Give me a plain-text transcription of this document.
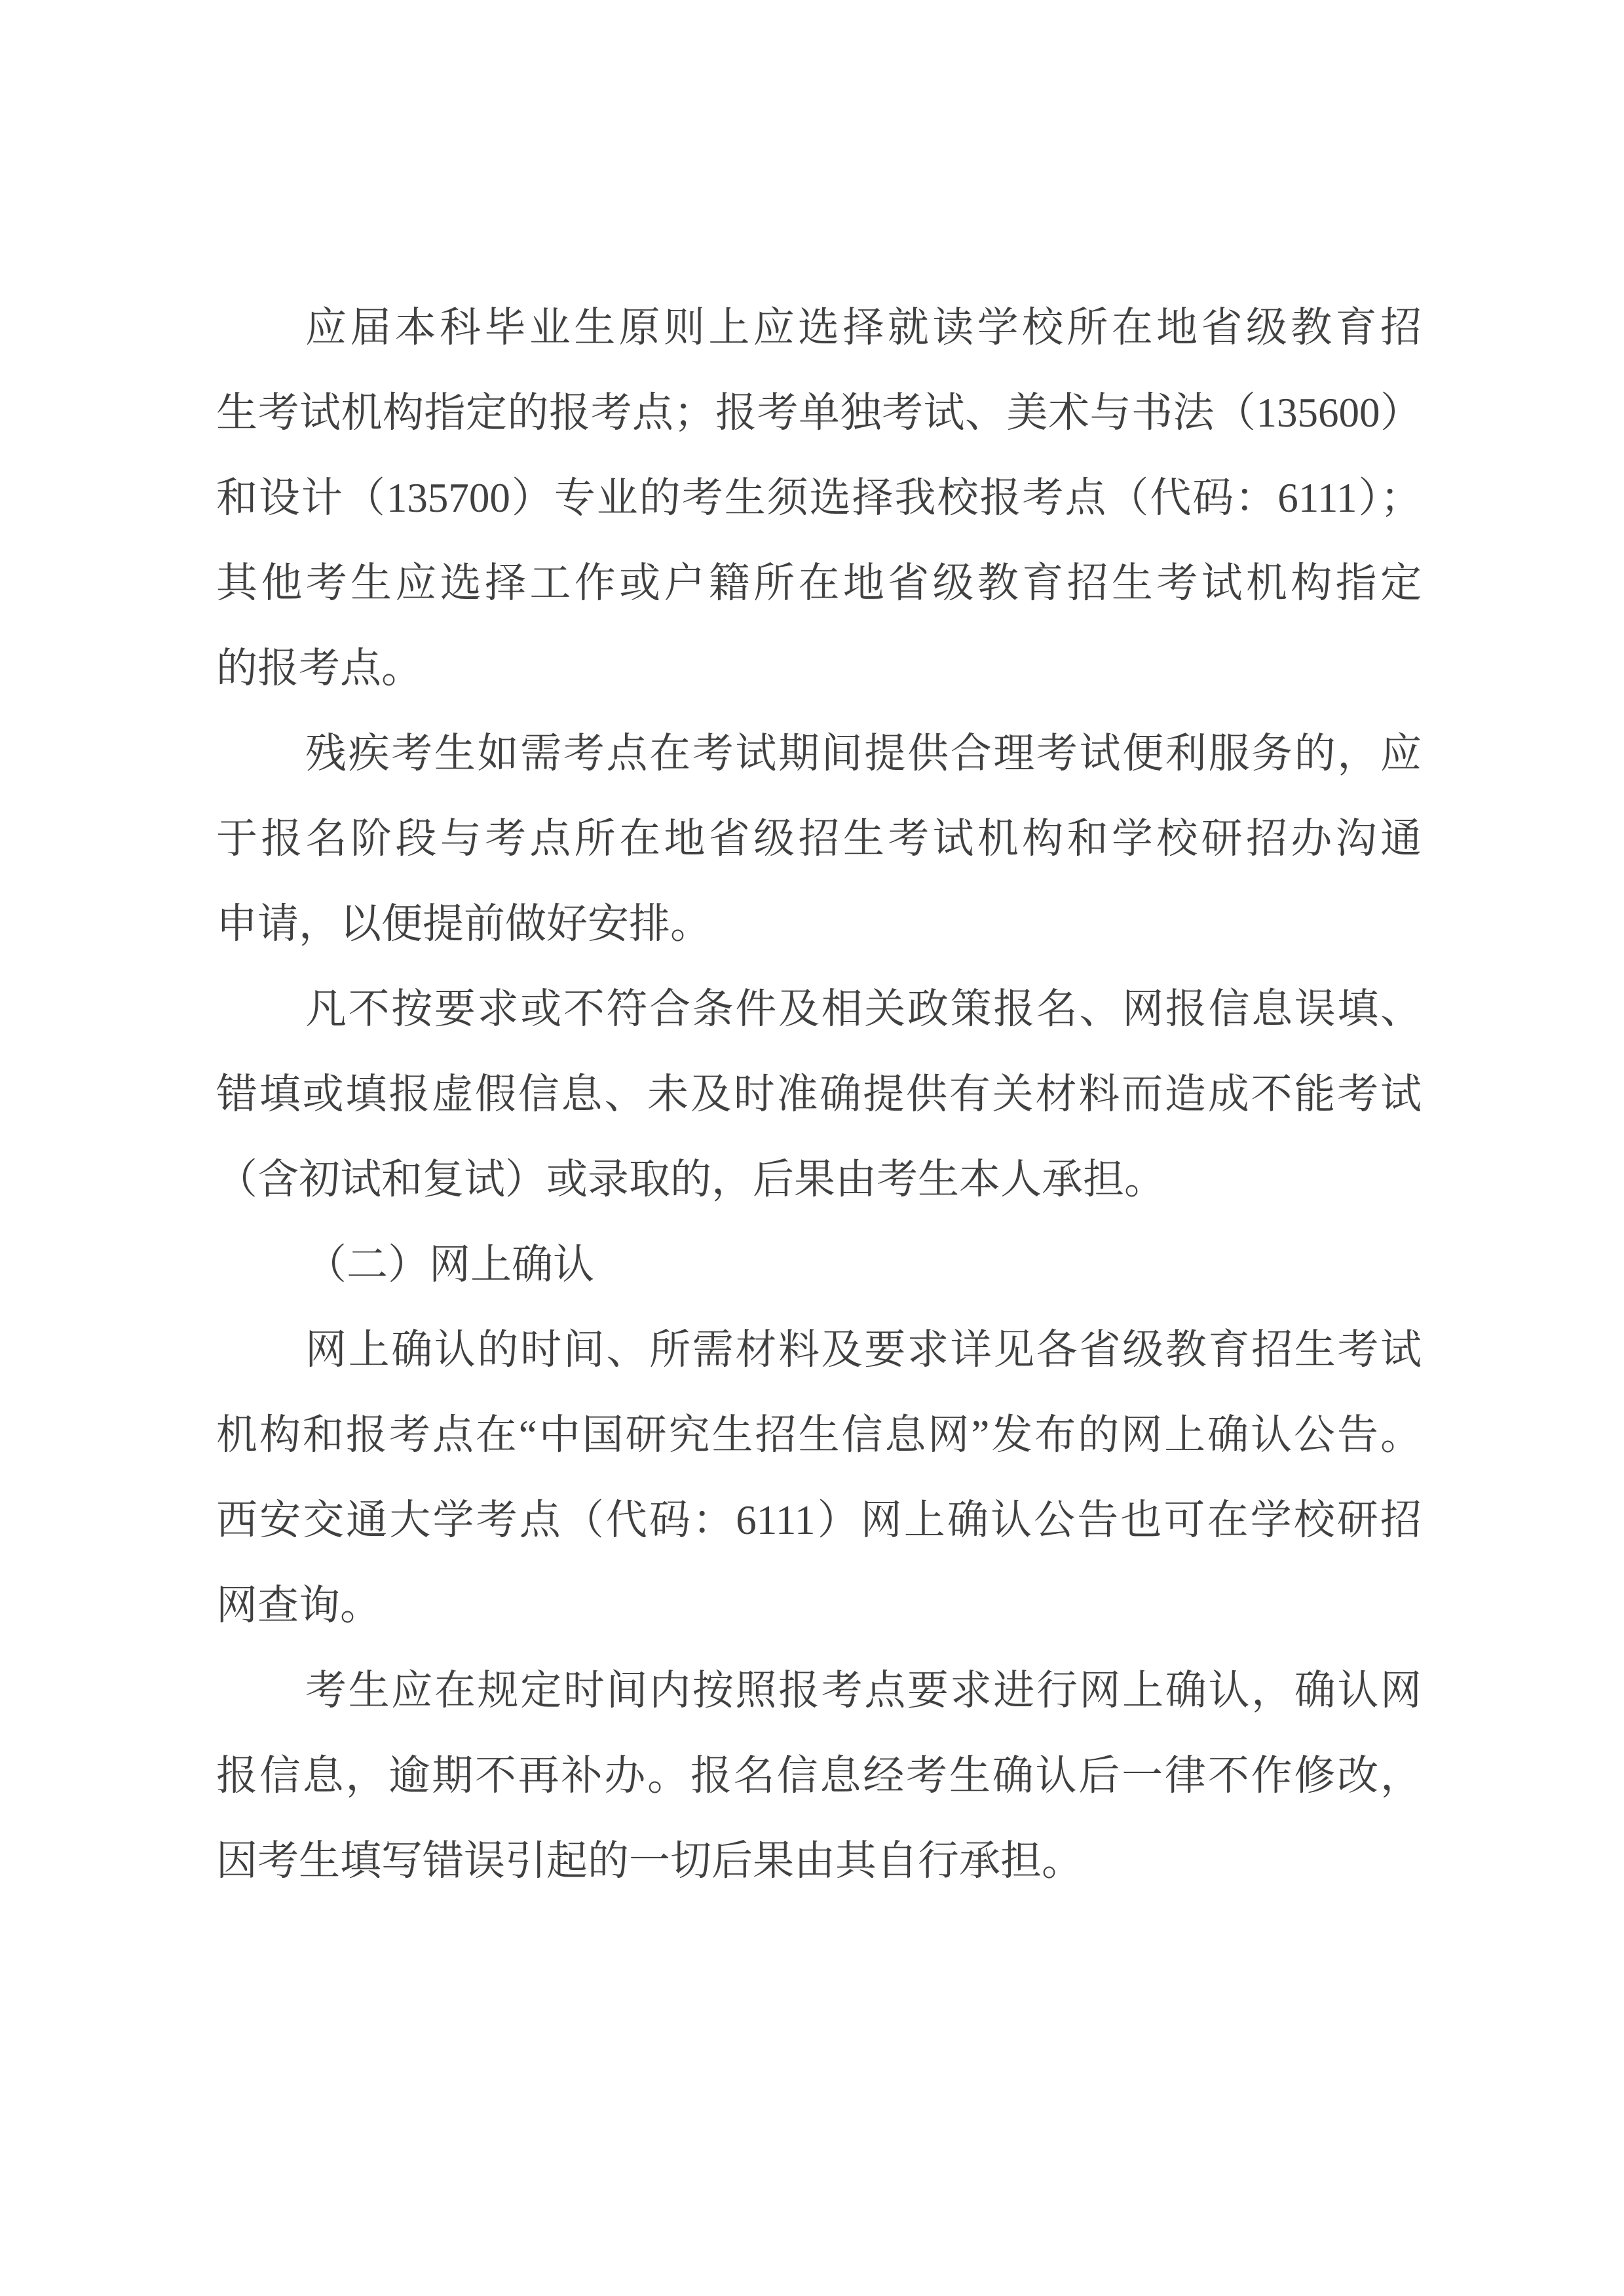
应届本科毕业生原则上应选择就读学校所在地省级教育招
生考试机构指定的报考点；报考单独考试、美术与书法（135600）
和设计（135700）专业的考生须选择我校报考点（代码：6111）；
其他考生应选择工作或户籍所在地省级教育招生考试机构指定
的报考点。
残疾考生如需考点在考试期间提供合理考试便利服务的，应
于报名阶段与考点所在地省级招生考试机构和学校研招办沟通
申请，以便提前做好安排。
凡不按要求或不符合条件及相关政策报名、网报信息误填、
错填或填报虚假信息、未及时准确提供有关材料而造成不能考试
（含初试和复试）或录取的，后果由考生本人承担。
（二）网上确认
网上确认的时间、所需材料及要求详见各省级教育招生考试
机构和报考点在“中国研究生招生信息网”发布的网上确认公告。
西安交通大学考点（代码：6111）网上确认公告也可在学校研招
网查询。
考生应在规定时间内按照报考点要求进行网上确认，确认网
报信息，逾期不再补办。报名信息经考生确认后一律不作修改，
因考生填写错误引起的一切后果由其自行承担。
